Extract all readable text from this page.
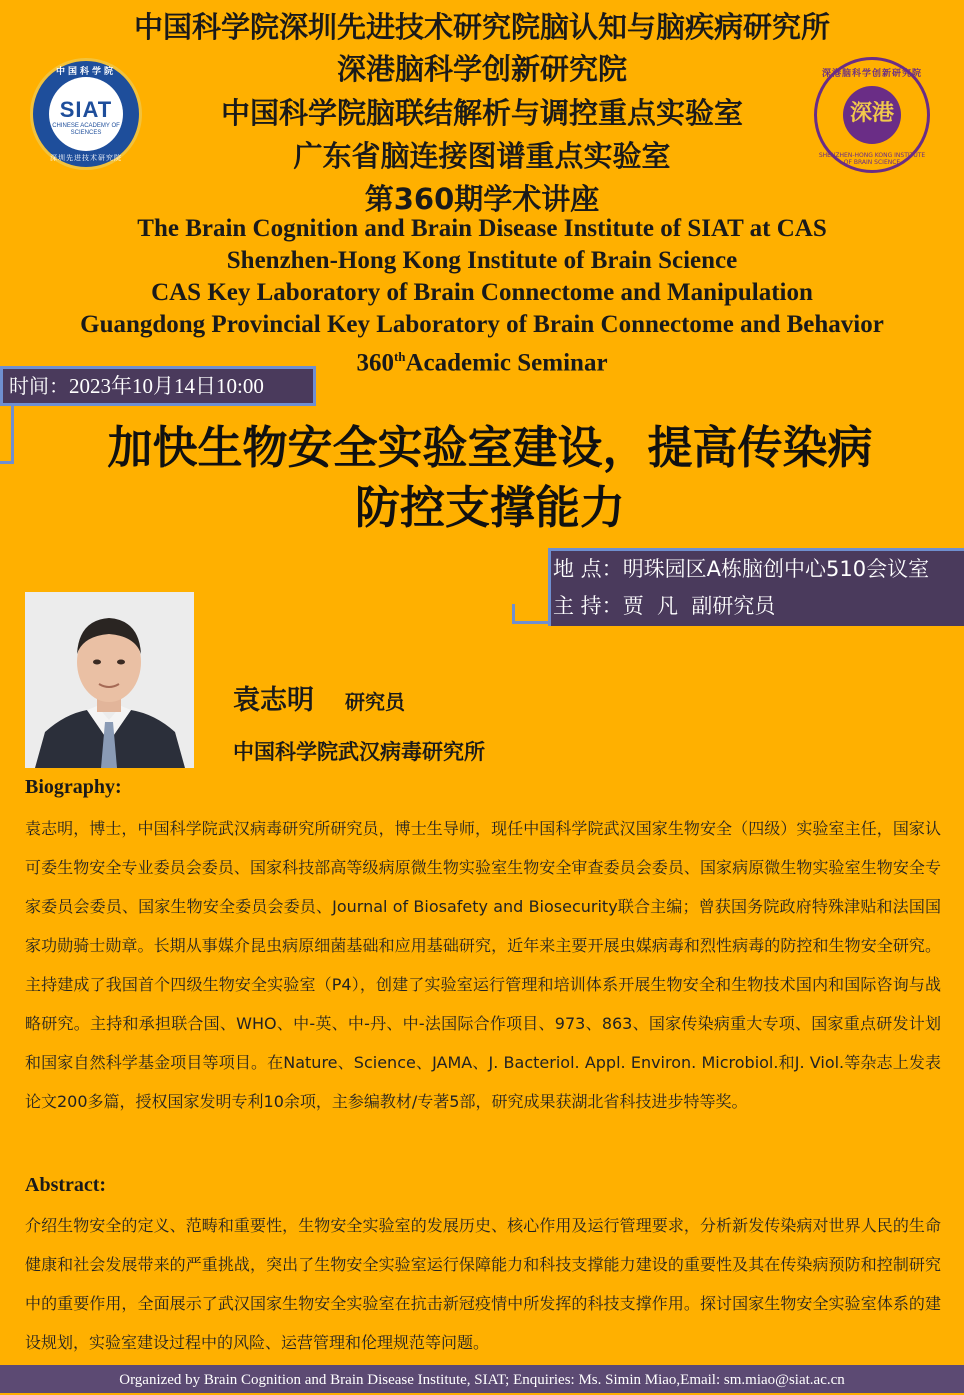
中国科学院
SIAT
CHINESE ACADEMY OF SCIENCES
深圳先进技术研究院
深港脑科学创新研究院
深港
SHENZHEN-HONG KONG INSTITUTE OF BRAIN SCIENCE
中国科学院深圳先进技术研究院脑认知与脑疾病研究所
深港脑科学创新研究院
中国科学院脑联结解析与调控重点实验室
广东省脑连接图谱重点实验室
第360期学术讲座
The Brain Cognition and Brain Disease Institute of SIAT at CAS
Shenzhen-Hong Kong Institute of Brain Science
CAS Key Laboratory of Brain Connectome and Manipulation
Guangdong Provincial Key Laboratory of Brain Connectome and Behavior
360thAcademic Seminar
时间：2023年10月14日10:00
加快生物安全实验室建设，提高传染病
防控支撑能力
地 点：明珠园区A栋脑创中心510会议室
主 持：贾  凡  副研究员
袁志明 研究员
中国科学院武汉病毒研究所
Biography:
袁志明，博士，中国科学院武汉病毒研究所研究员，博士生导师，现任中国科学院武汉国家生物安全（四级）实验室主任，国家认可委生物安全专业委员会委员、国家科技部高等级病原微生物实验室生物安全审查委员会委员、国家病原微生物实验室生物安全专家委员会委员、国家生物安全委员会委员、Journal of Biosafety and Biosecurity联合主编；曾获国务院政府特殊津贴和法国国家功勋骑士勋章。长期从事媒介昆虫病原细菌基础和应用基础研究，近年来主要开展虫媒病毒和烈性病毒的防控和生物安全研究。主持建成了我国首个四级生物安全实验室（P4），创建了实验室运行管理和培训体系开展生物安全和生物技术国内和国际咨询与战略研究。主持和承担联合国、WHO、中-英、中-丹、中-法国际合作项目、973、863、国家传染病重大专项、国家重点研发计划和国家自然科学基金项目等项目。在Nature、Science、JAMA、J. Bacteriol. Appl. Environ. Microbiol.和J. Viol.等杂志上发表论文200多篇，授权国家发明专利10余项，主参编教材/专著5部，研究成果获湖北省科技进步特等奖。
Abstract:
介绍生物安全的定义、范畴和重要性，生物安全实验室的发展历史、核心作用及运行管理要求，分析新发传染病对世界人民的生命健康和社会发展带来的严重挑战，突出了生物安全实验室运行保障能力和科技支撑能力建设的重要性及其在传染病预防和控制研究中的重要作用，全面展示了武汉国家生物安全实验室在抗击新冠疫情中所发挥的科技支撑作用。探讨国家生物安全实验室体系的建设规划，实验室建设过程中的风险、运营管理和伦理规范等问题。
Organized by Brain Cognition and Brain Disease Institute, SIAT; Enquiries: Ms. Simin Miao,Email: sm.miao@siat.ac.cn
